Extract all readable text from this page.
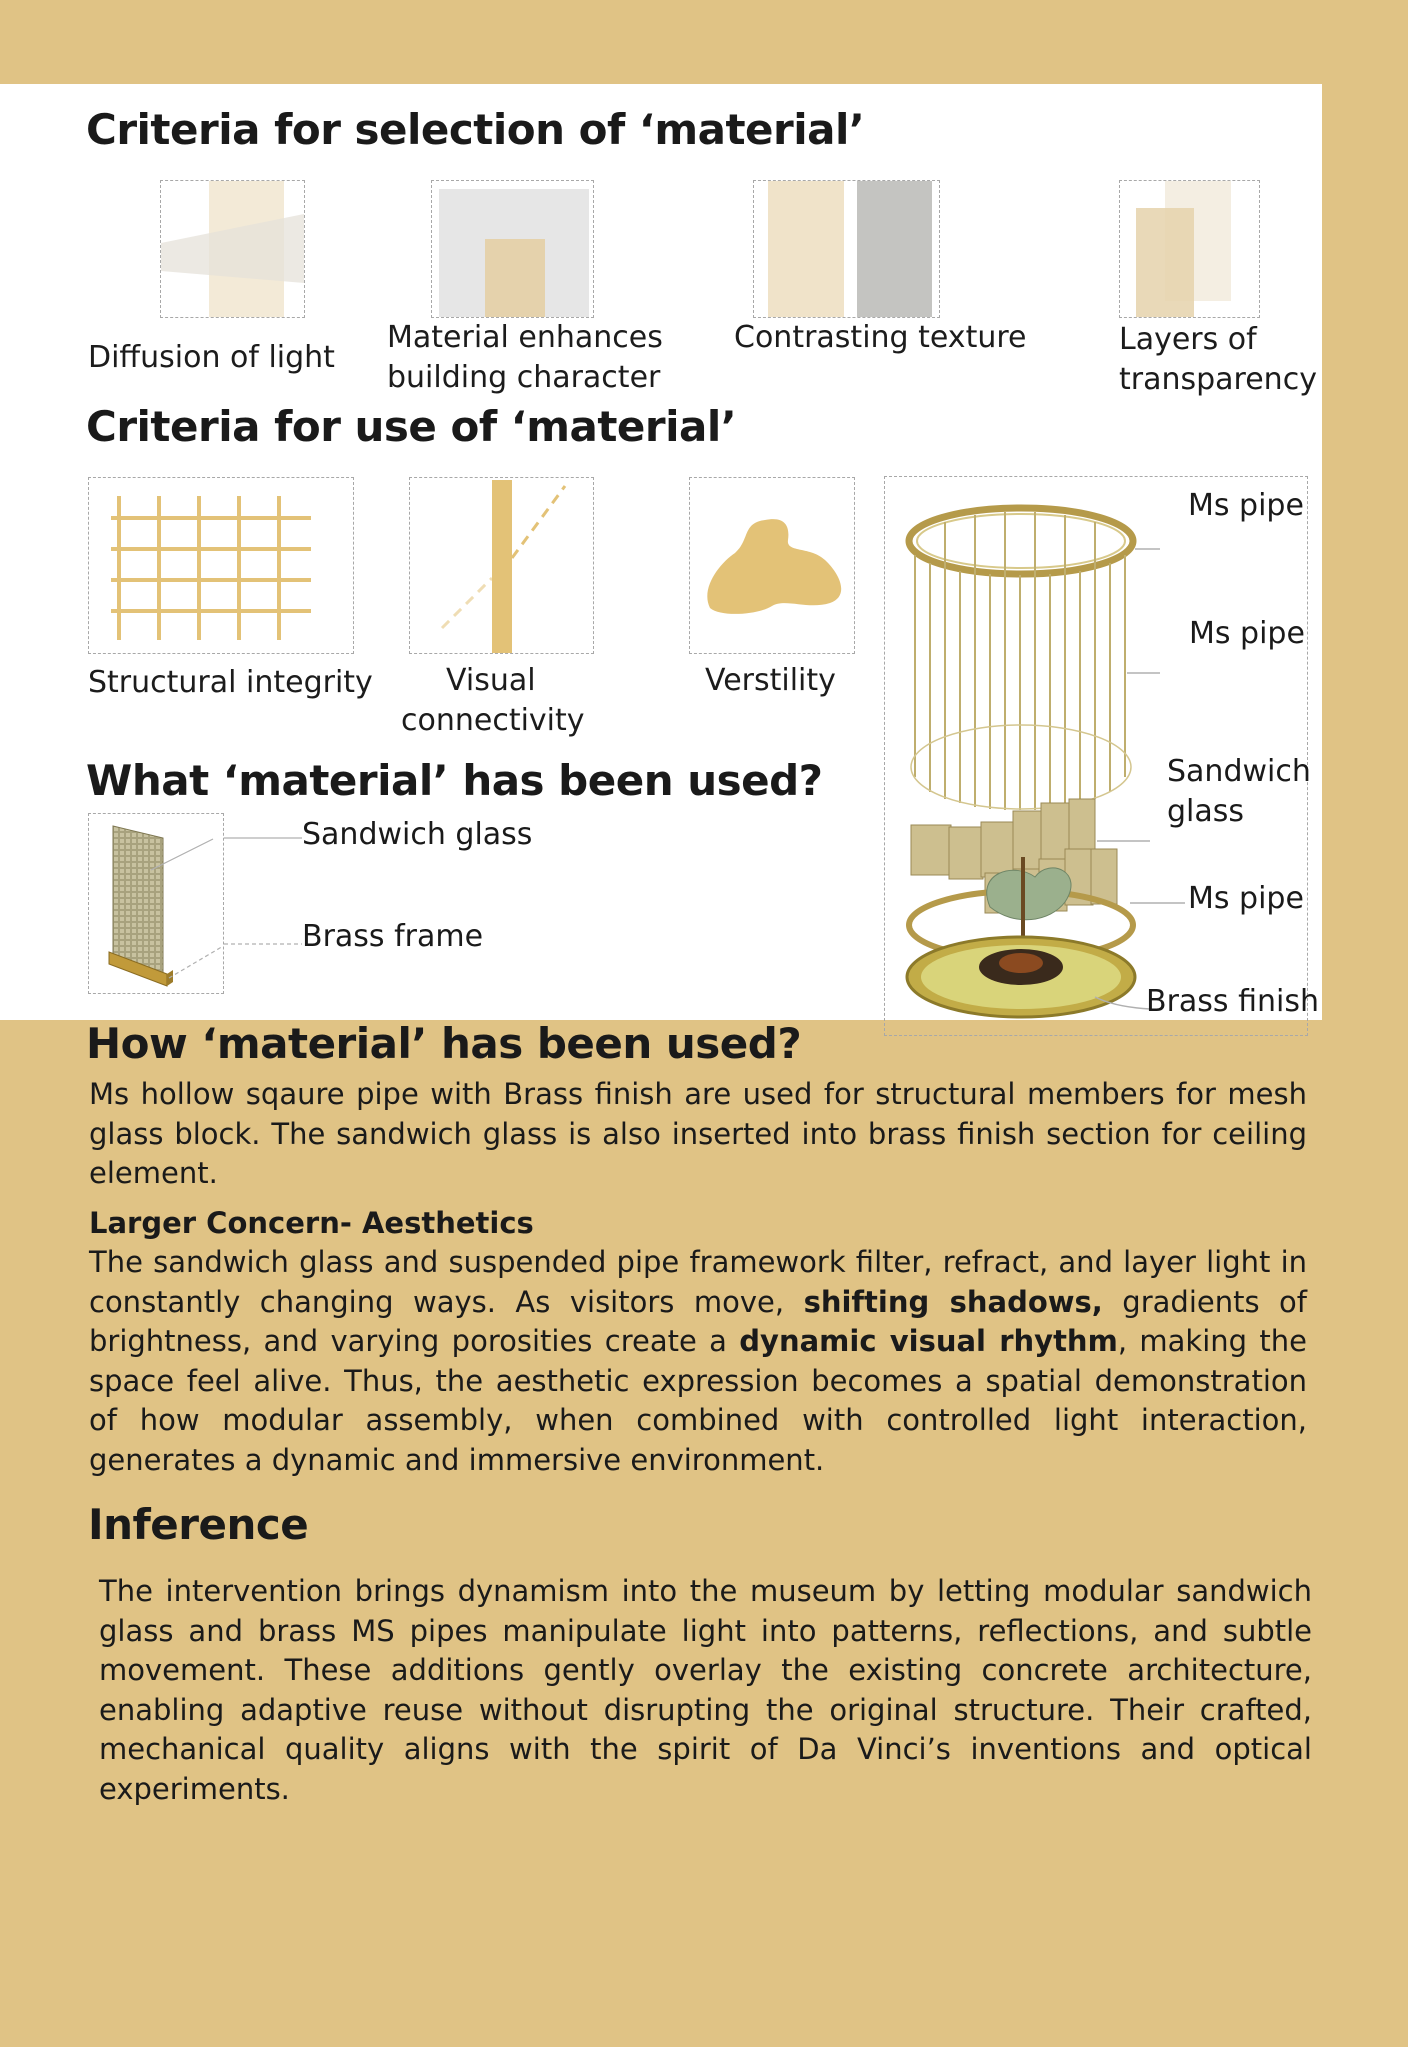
Criteria for selection of ‘material’
Diffusion of light
Material enhances
building character
Contrasting texture	Layers of
transparency
Criteria for use of ‘material’
Structural integrity Visual
connectivity
Verstility
Ms pipe
Ms pipe
Sandwich
glass
Ms pipe
Brass finish
What ‘material’ has been used?
Sandwich glass
Brass frame
How ‘material’ has been used?

Ms hollow sqaure pipe with Brass finish are used for structural members for mesh glass block. The sandwich glass is also inserted into brass finish section for ceiling element.

Larger Concern- Aesthetics

The sandwich glass and suspended pipe framework filter, refract, and layer light in constantly changing ways. As visitors move, shifting shadows, gradients of brightness, and varying porosities create a dynamic visual rhythm, making the space feel alive. Thus, the aesthetic expression becomes a spatial demonstration of how modular assembly, when combined with controlled light interaction, generates a dynamic and immersive environment.

Inference

The intervention brings dynamism into the museum by letting modular sandwich glass and brass MS pipes manipulate light into patterns, reflections, and subtle movement. These additions gently overlay the existing concrete architecture, enabling adaptive reuse without disrupting the original structure. Their crafted, mechanical quality aligns with the spirit of Da Vinci’s inventions and optical experiments.
